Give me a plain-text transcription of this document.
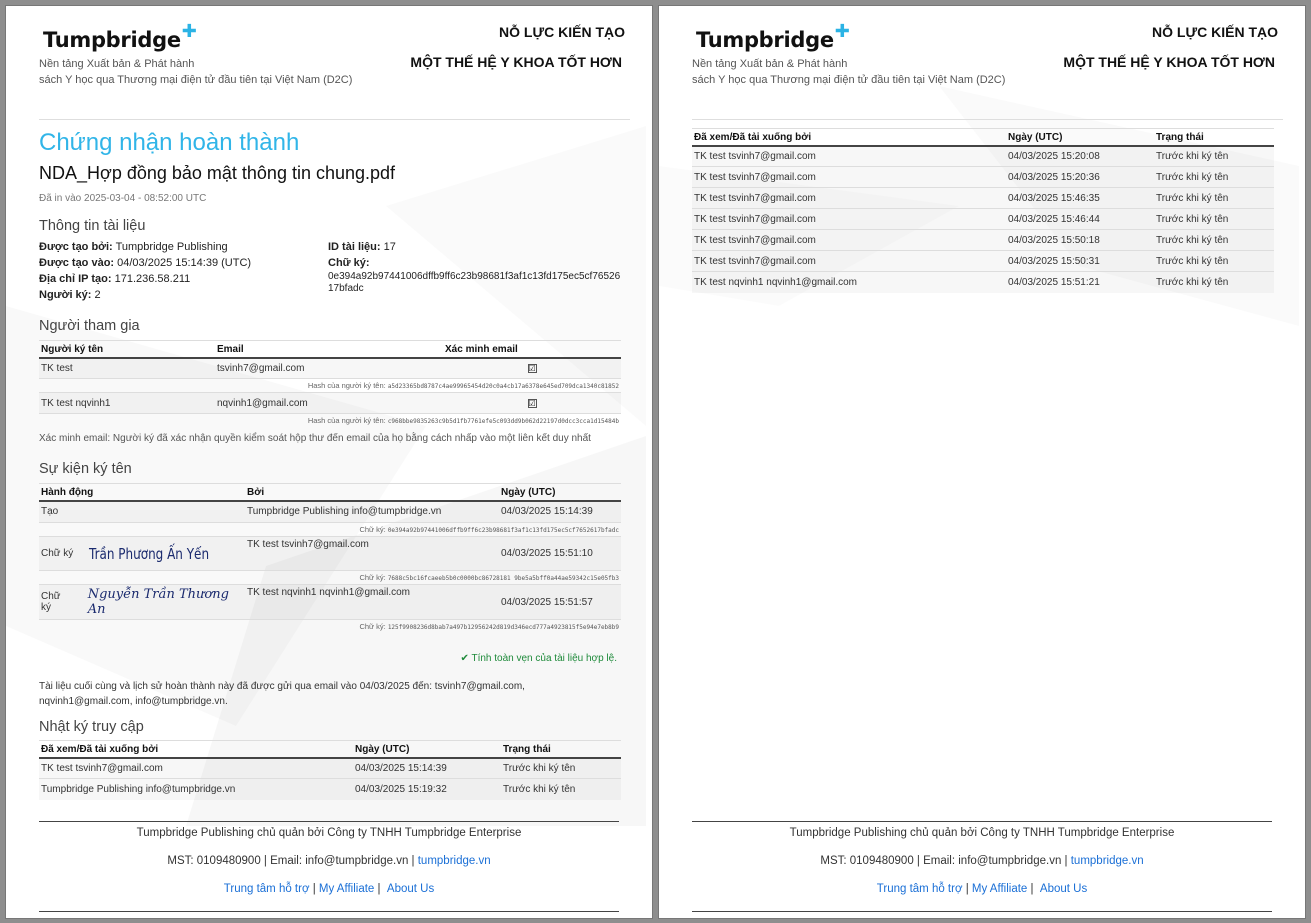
Tumpbridge✚
Nền tảng Xuất bản & Phát hành
sách Y học qua Thương mại điện tử đầu tiên tại Việt Nam (D2C)
NỖ LỰC KIẾN TẠO
MỘT THẾ HỆ Y KHOA TỐT HƠN
Chứng nhận hoàn thành
NDA_Hợp đồng bảo mật thông tin chung.pdf
Đã in vào 2025-03-04 - 08:52:00 UTC
Thông tin tài liệu
Được tạo bởi: Tumpbridge Publishing
Được tạo vào: 04/03/2025 15:14:39 (UTC)
Địa chỉ IP tạo: 171.236.58.211
Người ký: 2
ID tài liệu: 17
Chữ ký:
0e394a92b97441006dffb9ff6c23b98681f3af1c13fd175ec5cf7652617bfadc
Người tham gia
Người ký tên	Email	Xác minh email
TK test	tsvinh7@gmail.com	☑
Hash của người ký tên: a5d23365bd8787c4ae99965454d20c0a4cb17a6378e645ed709dca1340c81852		
TK test nqvinh1	nqvinh1@gmail.com	☑
Hash của người ký tên: c968bbe9835263c9b5d1fb7761efe5c093dd9b062d22197d0dcc3cca1d15484b		
Xác minh email: Người ký đã xác nhận quyền kiểm soát hộp thư đến email của họ bằng cách nhấp vào một liên kết duy nhất
Sự kiện ký tên
Hành động	Bởi	Ngày (UTC)
Tạo	Tumpbridge Publishing info@tumpbridge.vn	04/03/2025 15:14:39
Chữ ký: 0e394a92b97441006dffb9ff6c23b98681f3af1c13fd175ec5cf7652617bfadc		

Chữ ký Trần Phương Ấn Yến	TK test tsvinh7@gmail.com	04/03/2025 15:51:10
Chữ ký: 7688c5bc16fcaeeb5b0c0000bc86728181 9be5a5bff0a44ae59342c15e05fb3		

Chữ ký
Nguyễn Trần Thương An	TK test nqvinh1 nqvinh1@gmail.com	04/03/2025 15:51:57
Chữ ký: 125f9908236d8bab7a497b12956242d819d346ecd777a4923815f5e94e7eb8b9		
✔ Tính toàn vẹn của tài liệu hợp lệ.
Tài liệu cuối cùng và lịch sử hoàn thành này đã được gửi qua email vào 04/03/2025 đến: tsvinh7@gmail.com, nqvinh1@gmail.com, info@tumpbridge.vn.
Nhật ký truy cập
Đã xem/Đã tải xuống bởi	Ngày (UTC)	Trạng thái
TK test tsvinh7@gmail.com	04/03/2025 15:14:39	Trước khi ký tên
Tumpbridge Publishing info@tumpbridge.vn	04/03/2025 15:19:32	Trước khi ký tên
Tumpbridge Publishing chủ quản bởi Công ty TNHH Tumpbridge Enterprise
MST: 0109480900 | Email: info@tumpbridge.vn | tumpbridge.vn
Trung tâm hỗ trợ | My Affiliate | About Us
Tumpbridge✚
Nền tảng Xuất bản & Phát hành
sách Y học qua Thương mại điện tử đầu tiên tại Việt Nam (D2C)
NỖ LỰC KIẾN TẠO
MỘT THẾ HỆ Y KHOA TỐT HƠN
Đã xem/Đã tải xuống bởi	Ngày (UTC)	Trạng thái
TK test tsvinh7@gmail.com	04/03/2025 15:20:08	Trước khi ký tên
TK test tsvinh7@gmail.com	04/03/2025 15:20:36	Trước khi ký tên
TK test tsvinh7@gmail.com	04/03/2025 15:46:35	Trước khi ký tên
TK test tsvinh7@gmail.com	04/03/2025 15:46:44	Trước khi ký tên
TK test tsvinh7@gmail.com	04/03/2025 15:50:18	Trước khi ký tên
TK test tsvinh7@gmail.com	04/03/2025 15:50:31	Trước khi ký tên
TK test nqvinh1 nqvinh1@gmail.com	04/03/2025 15:51:21	Trước khi ký tên
Tumpbridge Publishing chủ quản bởi Công ty TNHH Tumpbridge Enterprise
MST: 0109480900 | Email: info@tumpbridge.vn | tumpbridge.vn
Trung tâm hỗ trợ | My Affiliate | About Us
